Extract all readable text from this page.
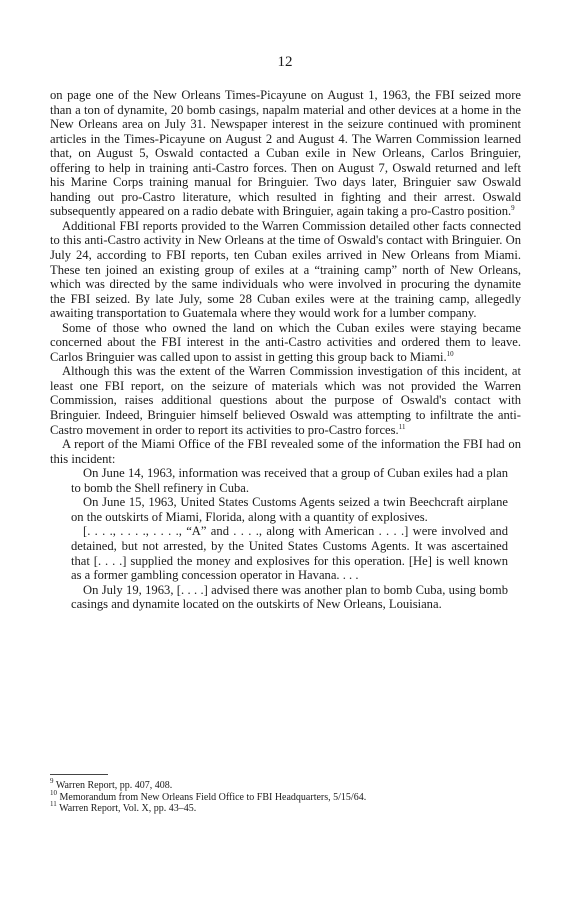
12

on page one of the New Orleans Times-Picayune on August 1, 1963, the FBI seized more than a ton of dynamite, 20 bomb casings, napalm material and other devices at a home in the New Orleans area on July 31. Newspaper interest in the seizure continued with prominent articles in the Times-Picayune on August 2 and August 4. The Warren Commission learned that, on August 5, Oswald contacted a Cuban exile in New Orleans, Carlos Bringuier, offering to help in training anti-Castro forces. Then on August 7, Oswald returned and left his Marine Corps training manual for Bringuier. Two days later, Bringuier saw Oswald handing out pro-Castro literature, which resulted in fighting and their arrest. Oswald subsequently appeared on a radio debate with Bringuier, again taking a pro-Castro position.$^9$

Additional FBI reports provided to the Warren Commission detailed other facts connected to this anti-Castro activity in New Orleans at the time of Oswald's contact with Bringuier. On July 24, according to FBI reports, ten Cuban exiles arrived in New Orleans from Miami. These ten joined an existing group of exiles at a “training camp” north of New Orleans, which was directed by the same individuals who were involved in procuring the dynamite the FBI seized. By late July, some 28 Cuban exiles were at the training camp, allegedly awaiting transportation to Guatemala where they would work for a lumber company.

Some of those who owned the land on which the Cuban exiles were staying became concerned about the FBI interest in the anti-Castro activities and ordered them to leave. Carlos Bringuier was called upon to assist in getting this group back to Miami.$^{10}$

Although this was the extent of the Warren Commission investigation of this incident, at least one FBI report, on the seizure of materials which was not provided the Warren Commission, raises additional questions about the purpose of Oswald's contact with Bringuier. Indeed, Bringuier himself believed Oswald was attempting to infiltrate the anti-Castro movement in order to report its activities to pro-Castro forces.$^{11}$

A report of the Miami Office of the FBI revealed some of the information the FBI had on this incident:

On June 14, 1963, information was received that a group of Cuban exiles had a plan to bomb the Shell refinery in Cuba.

On June 15, 1963, United States Customs Agents seized a twin Beechcraft airplane on the outskirts of Miami, Florida, along with a quantity of explosives.

[. . . ., . . . ., . . . ., “A” and . . . ., along with American . . . .] were involved and detained, but not arrested, by the United States Customs Agents. It was ascertained that [. . . .] supplied the money and explosives for this operation. [He] is well known as a former gambling concession operator in Havana. . . .

On July 19, 1963, [. . . .] advised there was another plan to bomb Cuba, using bomb casings and dynamite located on the outskirts of New Orleans, Louisiana.

$^9$ Warren Report, pp. 407, 408.
$^{10}$ Memorandum from New Orleans Field Office to FBI Headquarters, 5/15/64.
$^{11}$ Warren Report, Vol. X, pp. 43–45.
